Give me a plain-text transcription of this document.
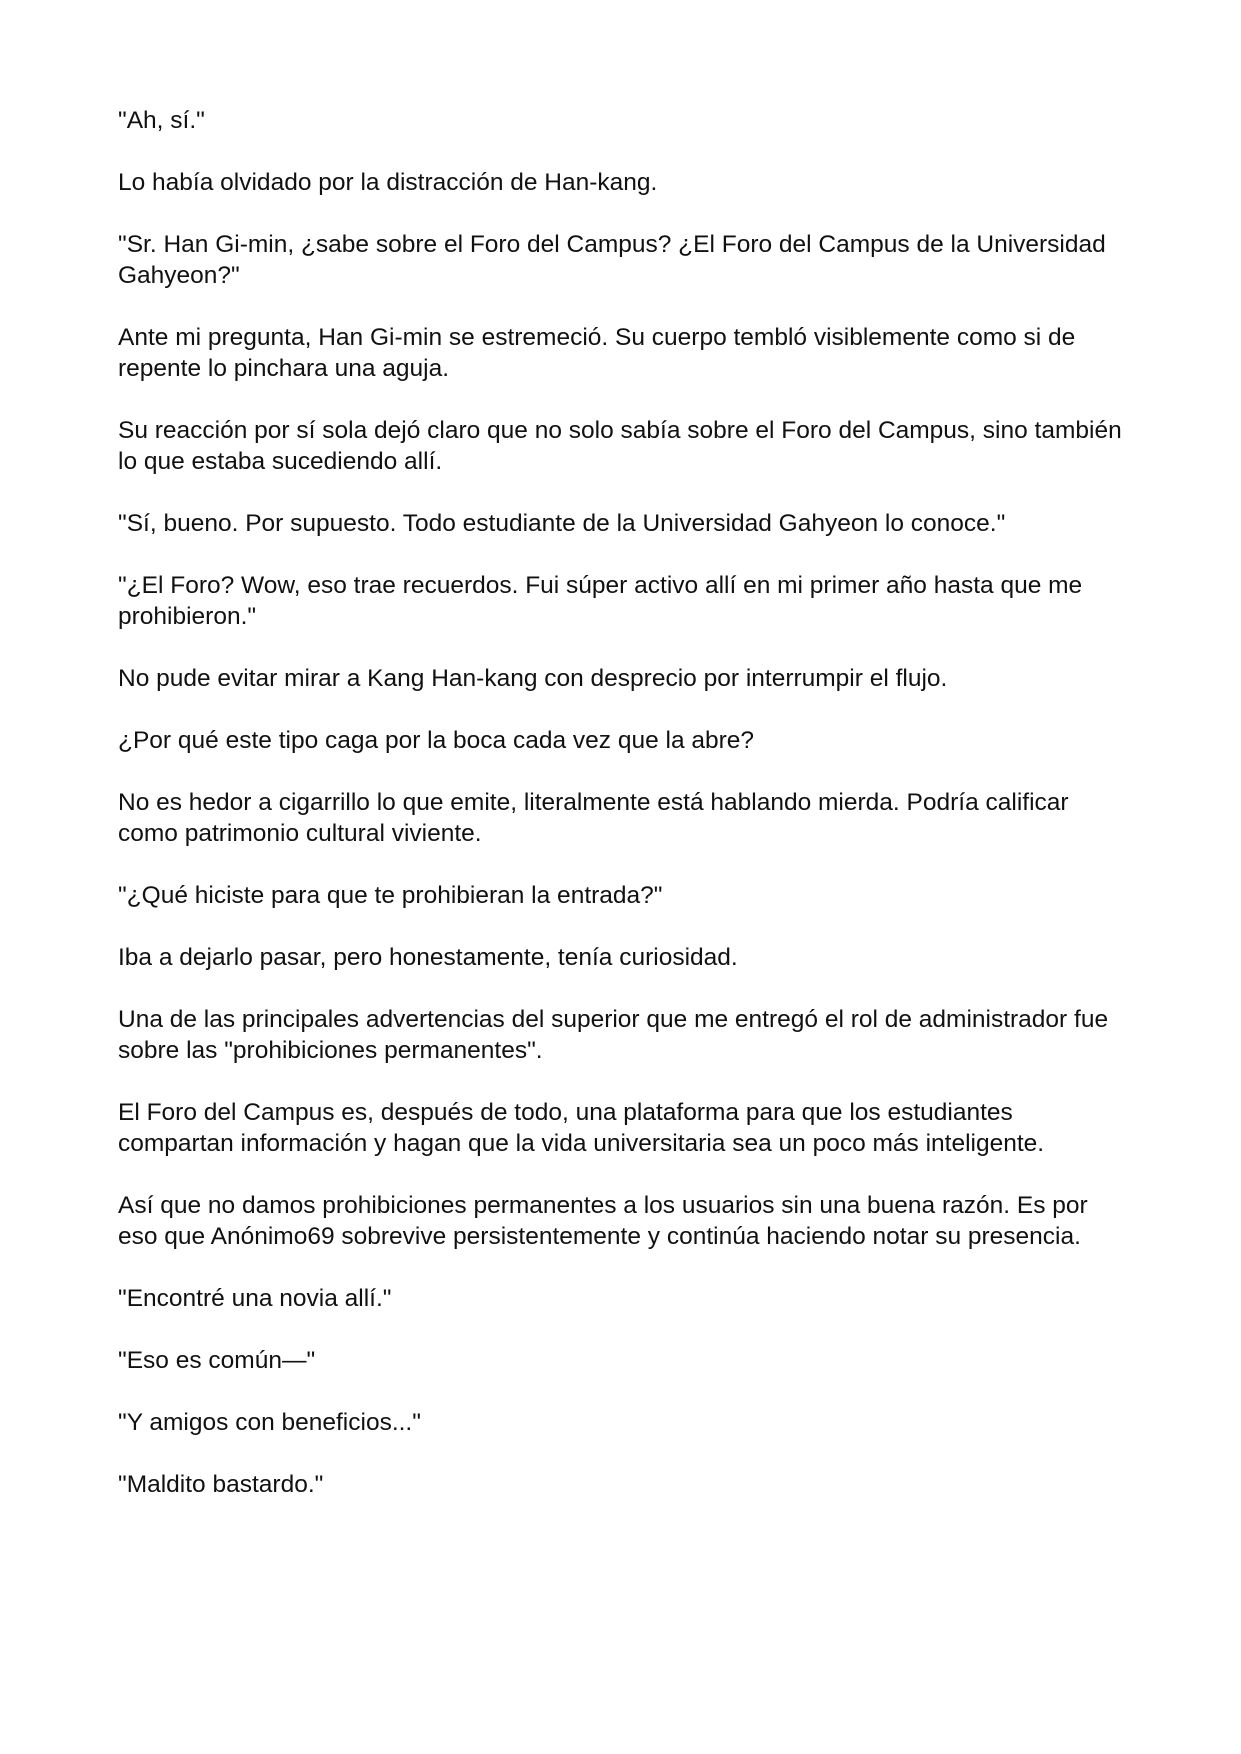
"Ah, sí."

Lo había olvidado por la distracción de Han-kang.

"Sr. Han Gi-min, ¿sabe sobre el Foro del Campus? ¿El Foro del Campus de la Universidad Gahyeon?"

Ante mi pregunta, Han Gi-min se estremeció. Su cuerpo tembló visiblemente como si de repente lo pinchara una aguja.

Su reacción por sí sola dejó claro que no solo sabía sobre el Foro del Campus, sino también lo que estaba sucediendo allí.

"Sí, bueno. Por supuesto. Todo estudiante de la Universidad Gahyeon lo conoce."

"¿El Foro? Wow, eso trae recuerdos. Fui súper activo allí en mi primer año hasta que me prohibieron."

No pude evitar mirar a Kang Han-kang con desprecio por interrumpir el flujo.

¿Por qué este tipo caga por la boca cada vez que la abre?

No es hedor a cigarrillo lo que emite, literalmente está hablando mierda. Podría calificar como patrimonio cultural viviente.

"¿Qué hiciste para que te prohibieran la entrada?"

Iba a dejarlo pasar, pero honestamente, tenía curiosidad.

Una de las principales advertencias del superior que me entregó el rol de administrador fue sobre las "prohibiciones permanentes".

El Foro del Campus es, después de todo, una plataforma para que los estudiantes compartan información y hagan que la vida universitaria sea un poco más inteligente.

Así que no damos prohibiciones permanentes a los usuarios sin una buena razón. Es por eso que Anónimo69 sobrevive persistentemente y continúa haciendo notar su presencia.

"Encontré una novia allí."

"Eso es común—"

"Y amigos con beneficios..."

"Maldito bastardo."
